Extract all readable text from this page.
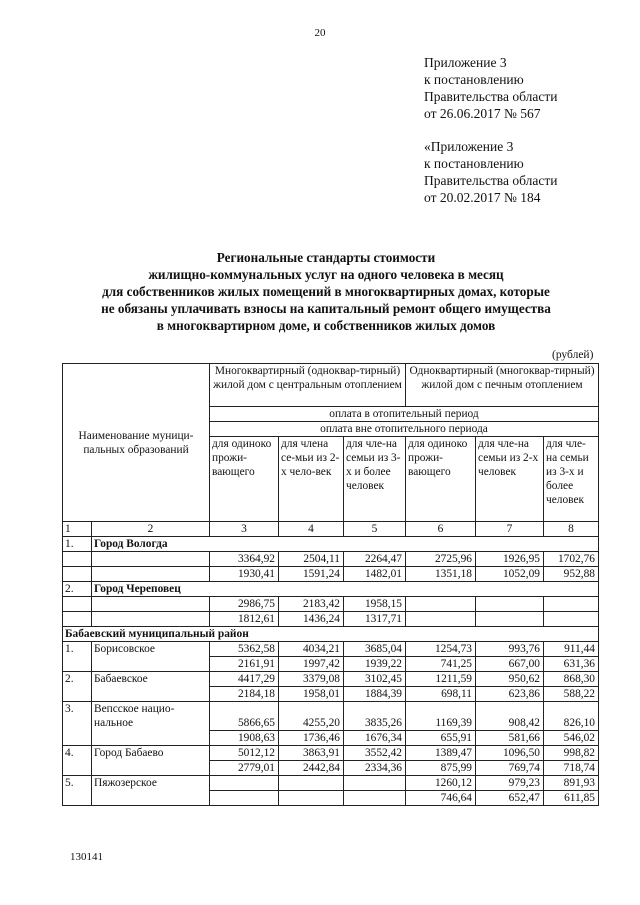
20
Приложение 3
к постановлению
Правительства области
от 26.06.2017 № 567
«Приложение 3
к постановлению
Правительства области
от 20.02.2017 № 184
Региональные стандарты стоимости
жилищно-коммунальных услуг на одного человека в месяц
для собственников жилых помещений в многоквартирных домах, которые
не обязаны уплачивать взносы на капитальный ремонт общего имущества
в многоквартирном доме, и собственников жилых домов
(рублей)
Наименование муници-пальных образований		Многоквартирный (одноквар-тирный) жилой дом с центральным отоплением			Одноквартирный (многоквар-тирный) жилой дом с печным отоплением		
		оплата в отопительный период					
		оплата вне отопительного периода					
		для одиноко прожи-вающего	для члена се-мьи из 2-х чело-век	для чле-на семьи из 3-х и более человек	для одиноко прожи-вающего	для чле-на семьи из 2-х человек	для чле-на семьи из 3-х и более человек
1	2	3	4	5	6	7	8
1.	Город Вологда						
		3364,92	2504,11	2264,47	2725,96	1926,95	1702,76
		1930,41	1591,24	1482,01	1351,18	1052,09	952,88
2.	Город Череповец						
		2986,75	2183,42	1958,15			
		1812,61	1436,24	1317,71			
Бабаевский муниципальный район							
1.	Борисовское	5362,58	4034,21	3685,04	1254,73	993,76	911,44
		2161,91	1997,42	1939,22	741,25	667,00	631,36
2.	Бабаевское	4417,29	3379,08	3102,45	1211,59	950,62	868,30
		2184,18	1958,01	1884,39	698,11	623,86	588,22
3.	Вепсское нацио-нальное	5866,65	4255,20	3835,26	1169,39	908,42	826,10
		1908,63	1736,46	1676,34	655,91	581,66	546,02
4.	Город Бабаево	5012,12	3863,91	3552,42	1389,47	1096,50	998,82
		2779,01	2442,84	2334,36	875,99	769,74	718,74
5.	Пяжозерское				1260,12	979,23	891,93
					746,64	652,47	611,85
130141
